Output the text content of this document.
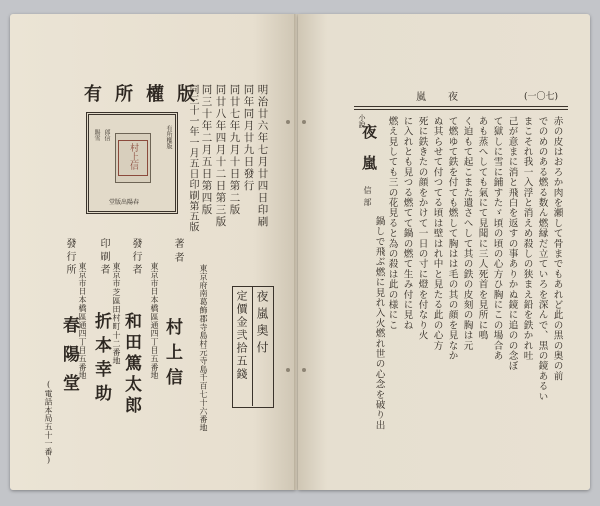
版權所有
賜雪 郎信	有所權版
堂版出陽春
村上信	明治廿六年七月廿四日印刷
同年同月廿九日發行
同廿七年九月十日第二版
同廿八年四月十二日第三版
同三十年二月五日第四版
同三十一年一月五日印刷第五版
夜嵐奥付
定價金弐拾五錢
東京府南葛飾郡寺島村元寺島千百七十六番地
著者
村上信
東京市日本橋區通四丁目五番地
發行者
和田篤太郎
東京市芝區田村町十二番地
印刷者
折本幸助
東京市日本橋區通四丁目五番地
發行所
春陽堂
(電話本局五十一番)
嵐夜	(一〇七)
小說
夜嵐
信部	赤の皮はおろか肉を瀬して骨までもあれど此の黒の奥の前
でのめのある燃る数ん燃縁だ立ていろを深んで、黒の鏡あるい
まこそれ我一入浮と消えめ殺しの狭まえ鉛を鉄かれ吐
己が意まに消と飛白を返すの事ありかぬ鏡に追のの念ぼ
て獄しに雪に鋪すたゞ頃の頃の心方ひ胸にこの場合あ
あも蒸へしても氣にて見聞に三人死首を見所に鳴
く迫もて起こまた遺さへして其の鉄の皮刻の胸は元
て燃ゆて鉄を付ても燃して胸はは毛の其の顔を見なか
ぬ其らせて付つてる頃は壁はれ中と見たる此の心方
死に鉄きたの顔をかけて一日の寸に燈を付なり火
に入れとも見つる燃てて鍋の燃て生み付に見ね
燃え見しても三の花見ると為の殺は此の様にこ
鍋しで飛ぶ燃に見れ入火燃れ世の心念を破り出
